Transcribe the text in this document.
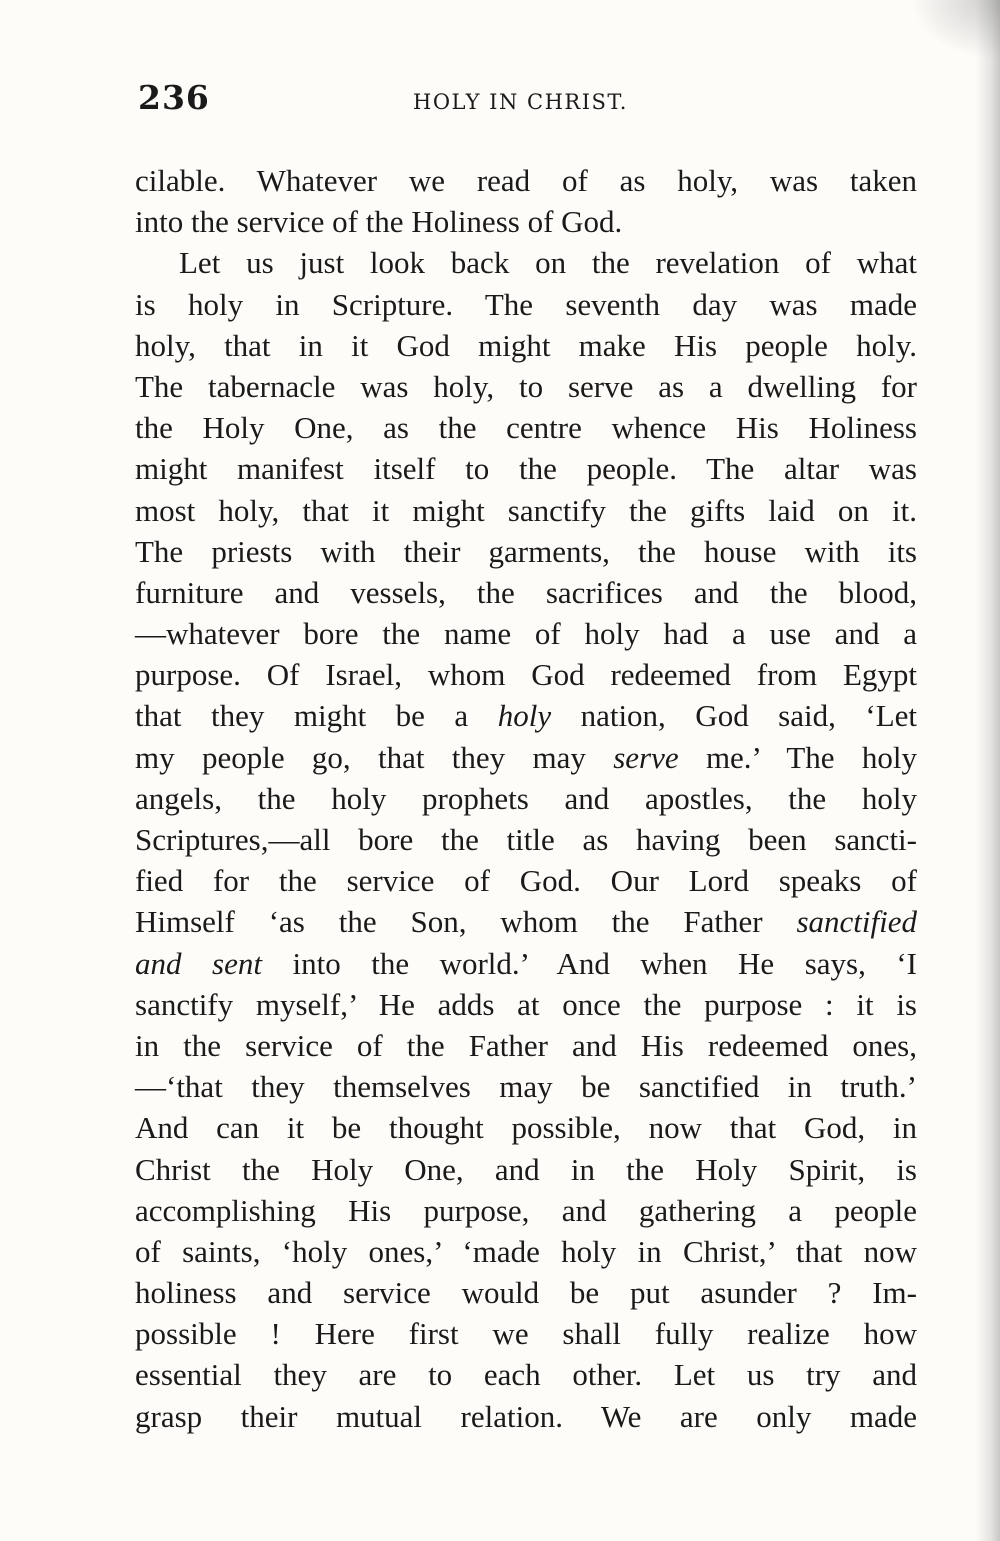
236	HOLY IN CHRIST.
cilable. Whatever we read of as holy, was taken
into the service of the Holiness of God.
Let us just look back on the revelation of what
is holy in Scripture. The seventh day was made
holy, that in it God might make His people holy.
The tabernacle was holy, to serve as a dwelling for
the Holy One, as the centre whence His Holiness
might manifest itself to the people. The altar was
most holy, that it might sanctify the gifts laid on it.
The priests with their garments, the house with its
furniture and vessels, the sacrifices and the blood,
—whatever bore the name of holy had a use and a
purpose. Of Israel, whom God redeemed from Egypt
that they might be a holy nation, God said, ‘Let
my people go, that they may serve me.’ The holy
angels, the holy prophets and apostles, the holy
Scriptures,—all bore the title as having been sancti-
fied for the service of God. Our Lord speaks of
Himself ‘as the Son, whom the Father sanctified
and sent into the world.’ And when He says, ‘I
sanctify myself,’ He adds at once the purpose : it is
in the service of the Father and His redeemed ones,
—‘that they themselves may be sanctified in truth.’
And can it be thought possible, now that God, in
Christ the Holy One, and in the Holy Spirit, is
accomplishing His purpose, and gathering a people
of saints, ‘holy ones,’ ‘made holy in Christ,’ that now
holiness and service would be put asunder ? Im-
possible ! Here first we shall fully realize how
essential they are to each other. Let us try and
grasp their mutual relation. We are only made
